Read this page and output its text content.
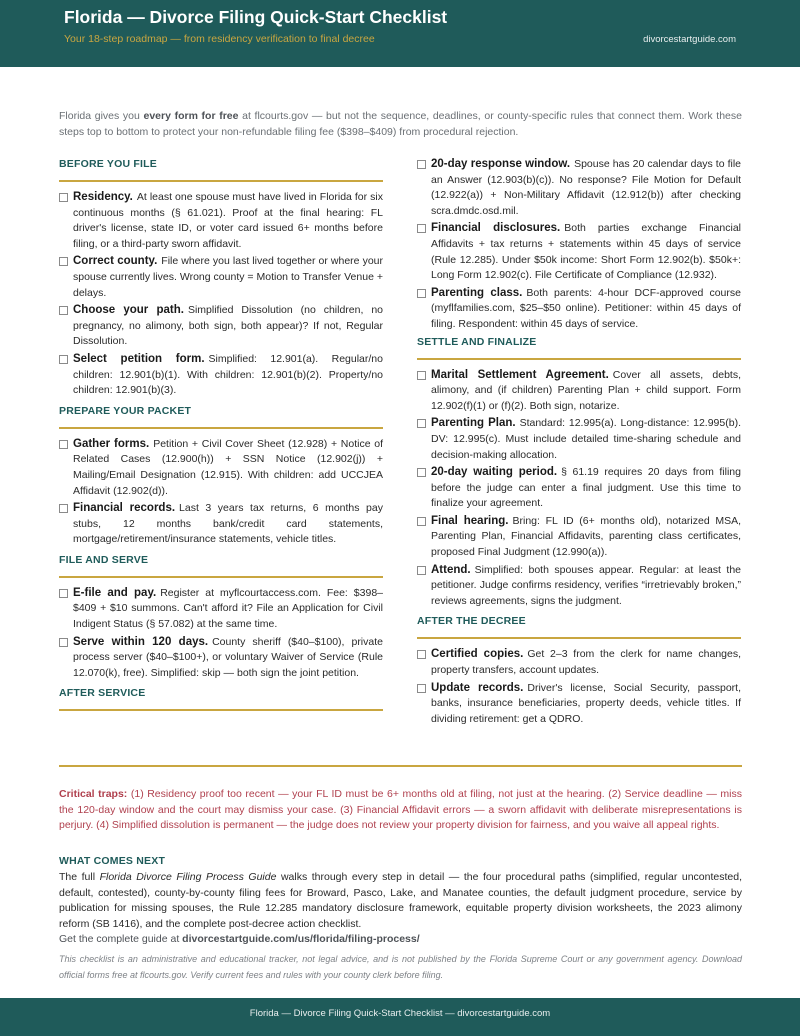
Florida — Divorce Filing Quick-Start Checklist
Your 18-step roadmap — from residency verification to final decree	divorcestartguide.com
Florida gives you every form for free at flcourts.gov — but not the sequence, deadlines, or county-specific rules that connect them. Work these steps top to bottom to protect your non-refundable filing fee ($398–$409) from procedural rejection.
BEFORE YOU FILE
Residency. At least one spouse must have lived in Florida for six continuous months (§ 61.021). Proof at the final hearing: FL driver's license, state ID, or voter card issued 6+ months before filing, or a third-party sworn affidavit.
Correct county. File where you last lived together or where your spouse currently lives. Wrong county = Motion to Transfer Venue + delays.
Choose your path. Simplified Dissolution (no children, no pregnancy, no alimony, both sign, both appear)? If not, Regular Dissolution.
Select petition form. Simplified: 12.901(a). Regular/no children: 12.901(b)(1). With children: 12.901(b)(2). Property/no children: 12.901(b)(3).
PREPARE YOUR PACKET
Gather forms. Petition + Civil Cover Sheet (12.928) + Notice of Related Cases (12.900(h)) + SSN Notice (12.902(j)) + Mailing/Email Designation (12.915). With children: add UCCJEA Affidavit (12.902(d)).
Financial records. Last 3 years tax returns, 6 months pay stubs, 12 months bank/credit card statements, mortgage/retirement/insurance statements, vehicle titles.
FILE AND SERVE
E-file and pay. Register at myflcourtaccess.com. Fee: $398–$409 + $10 summons. Can't afford it? File an Application for Civil Indigent Status (§ 57.082) at the same time.
Serve within 120 days. County sheriff ($40–$100), private process server ($40–$100+), or voluntary Waiver of Service (Rule 12.070(k), free). Simplified: skip — both sign the joint petition.
AFTER SERVICE
20-day response window. Spouse has 20 calendar days to file an Answer (12.903(b)(c)). No response? File Motion for Default (12.922(a)) + Non-Military Affidavit (12.912(b)) after checking scra.dmdc.osd.mil.
Financial disclosures. Both parties exchange Financial Affidavits + tax returns + statements within 45 days of service (Rule 12.285). Under $50k income: Short Form 12.902(b). $50k+: Long Form 12.902(c). File Certificate of Compliance (12.932).
Parenting class. Both parents: 4-hour DCF-approved course (myflfamilies.com, $25–$50 online). Petitioner: within 45 days of filing. Respondent: within 45 days of service.
SETTLE AND FINALIZE
Marital Settlement Agreement. Cover all assets, debts, alimony, and (if children) Parenting Plan + child support. Form 12.902(f)(1) or (f)(2). Both sign, notarize.
Parenting Plan. Standard: 12.995(a). Long-distance: 12.995(b). DV: 12.995(c). Must include detailed time-sharing schedule and decision-making allocation.
20-day waiting period. § 61.19 requires 20 days from filing before the judge can enter a final judgment. Use this time to finalize your agreement.
Final hearing. Bring: FL ID (6+ months old), notarized MSA, Parenting Plan, Financial Affidavits, parenting class certificates, proposed Final Judgment (12.990(a)).
Attend. Simplified: both spouses appear. Regular: at least the petitioner. Judge confirms residency, verifies “irretrievably broken,” reviews agreements, signs the judgment.
AFTER THE DECREE
Certified copies. Get 2–3 from the clerk for name changes, property transfers, account updates.
Update records. Driver's license, Social Security, passport, banks, insurance beneficiaries, property deeds, vehicle titles. If dividing retirement: get a QDRO.
Critical traps: (1) Residency proof too recent — your FL ID must be 6+ months old at filing, not just at the hearing. (2) Service deadline — miss the 120-day window and the court may dismiss your case. (3) Financial Affidavit errors — a sworn affidavit with deliberate misrepresentations is perjury. (4) Simplified dissolution is permanent — the judge does not review your property division for fairness, and you waive all appeal rights.
WHAT COMES NEXT
The full Florida Divorce Filing Process Guide walks through every step in detail — the four procedural paths (simplified, regular uncontested, default, contested), county-by-county filing fees for Broward, Pasco, Lake, and Manatee counties, the default judgment procedure, service by publication for missing spouses, the Rule 12.285 mandatory disclosure framework, equitable property division worksheets, the 2023 alimony reform (SB 1416), and the complete post-decree action checklist.
Get the complete guide at divorcestartguide.com/us/florida/filing-process/
This checklist is an administrative and educational tracker, not legal advice, and is not published by the Florida Supreme Court or any government agency. Download official forms free at flcourts.gov. Verify current fees and rules with your county clerk before filing.
Florida — Divorce Filing Quick-Start Checklist — divorcestartguide.com
